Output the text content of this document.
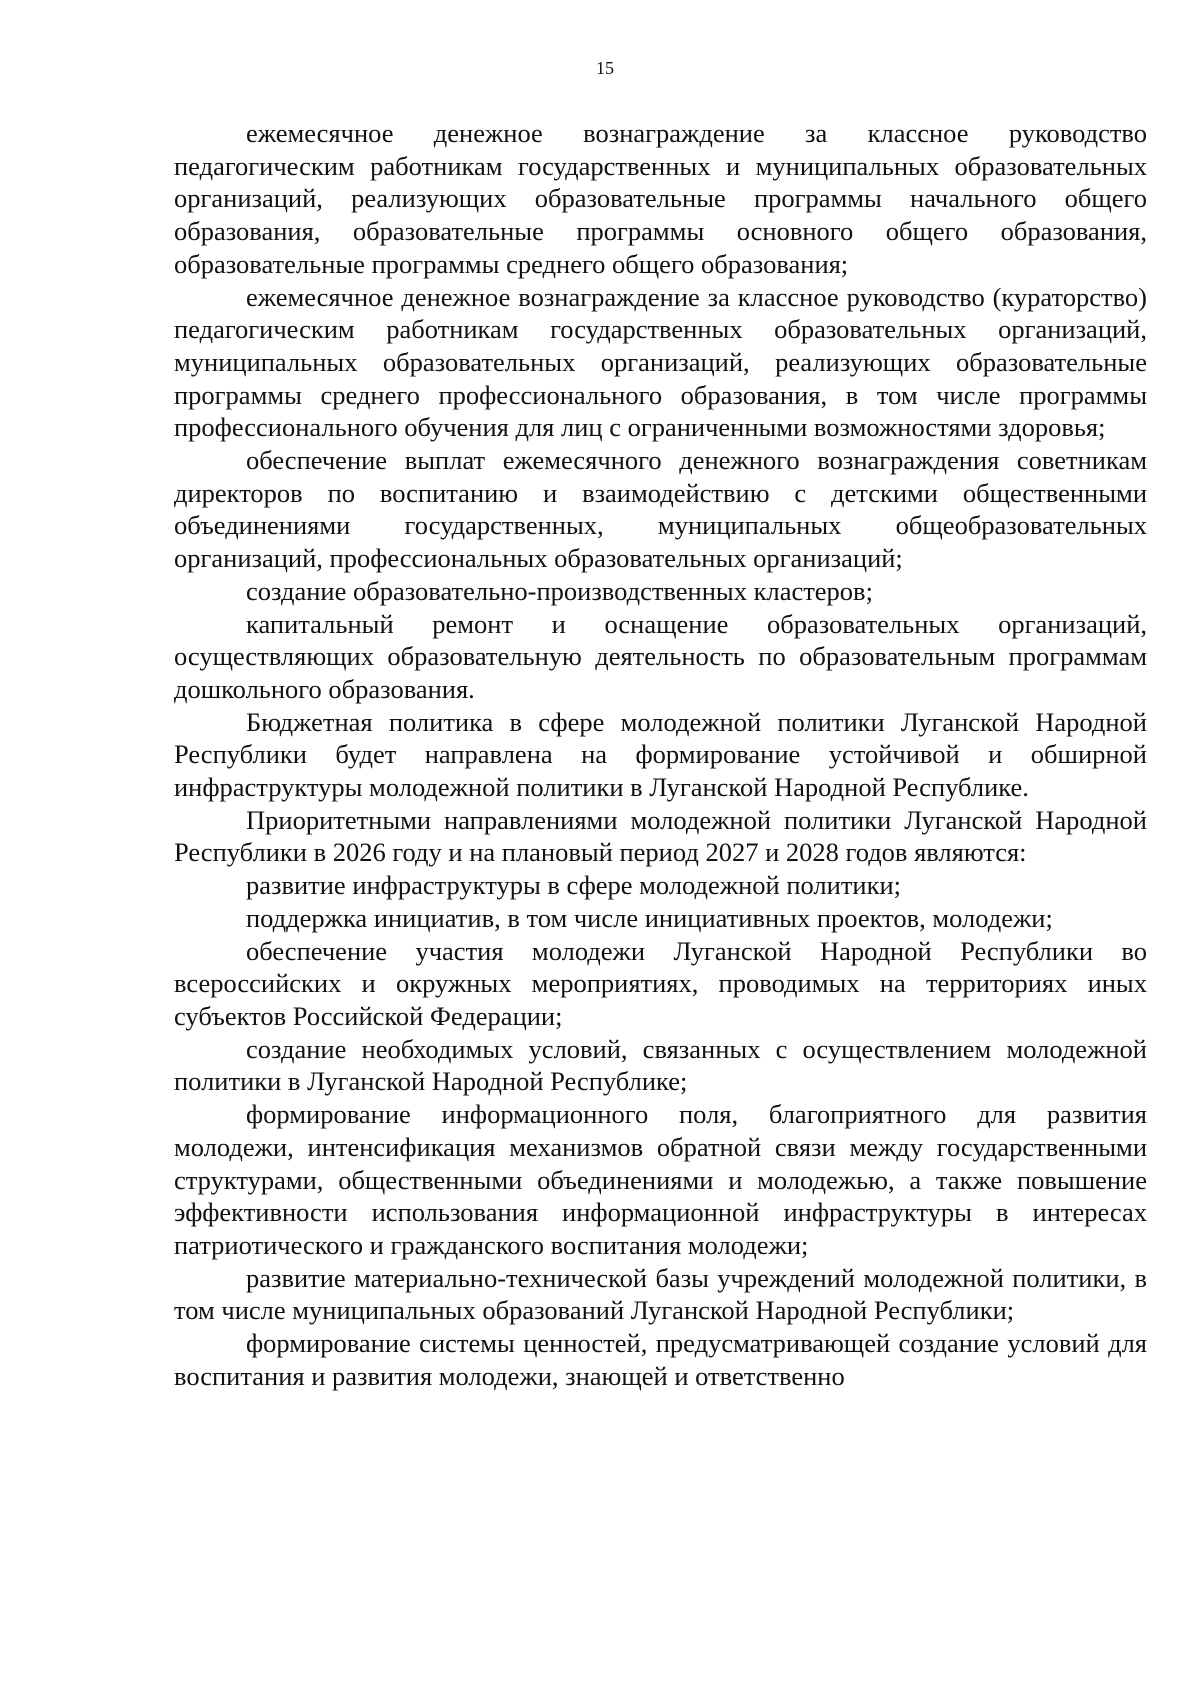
15

ежемесячное денежное вознаграждение за классное руководство педагогическим работникам государственных и муниципальных образовательных организаций, реализующих образовательные программы начального общего образования, образовательные программы основного общего образования, образовательные программы среднего общего образования;

ежемесячное денежное вознаграждение за классное руководство (кураторство) педагогическим работникам государственных образовательных организаций, муниципальных образовательных организаций, реализующих образовательные программы среднего профессионального образования, в том числе программы профессионального обучения для лиц с ограниченными возможностями здоровья;

обеспечение выплат ежемесячного денежного вознаграждения советникам директоров по воспитанию и взаимодействию с детскими общественными объединениями государственных, муниципальных общеобразовательных организаций, профессиональных образовательных организаций;

создание образовательно-производственных кластеров;

капитальный ремонт и оснащение образовательных организаций, осуществляющих образовательную деятельность по образовательным программам дошкольного образования.

Бюджетная политика в сфере молодежной политики Луганской Народной Республики будет направлена на формирование устойчивой и обширной инфраструктуры молодежной политики в Луганской Народной Республике.

Приоритетными направлениями молодежной политики Луганской Народной Республики в 2026 году и на плановый период 2027 и 2028 годов являются:

развитие инфраструктуры в сфере молодежной политики;

поддержка инициатив, в том числе инициативных проектов, молодежи;

обеспечение участия молодежи Луганской Народной Республики во всероссийских и окружных мероприятиях, проводимых на территориях иных субъектов Российской Федерации;

создание необходимых условий, связанных с осуществлением молодежной политики в Луганской Народной Республике;

формирование информационного поля, благоприятного для развития молодежи, интенсификация механизмов обратной связи между государственными структурами, общественными объединениями и молодежью, а также повышение эффективности использования информационной инфраструктуры в интересах патриотического и гражданского воспитания молодежи;

развитие материально-технической базы учреждений молодежной политики, в том числе муниципальных образований Луганской Народной Республики;

формирование системы ценностей, предусматривающей создание условий для воспитания и развития молодежи, знающей и ответственно
